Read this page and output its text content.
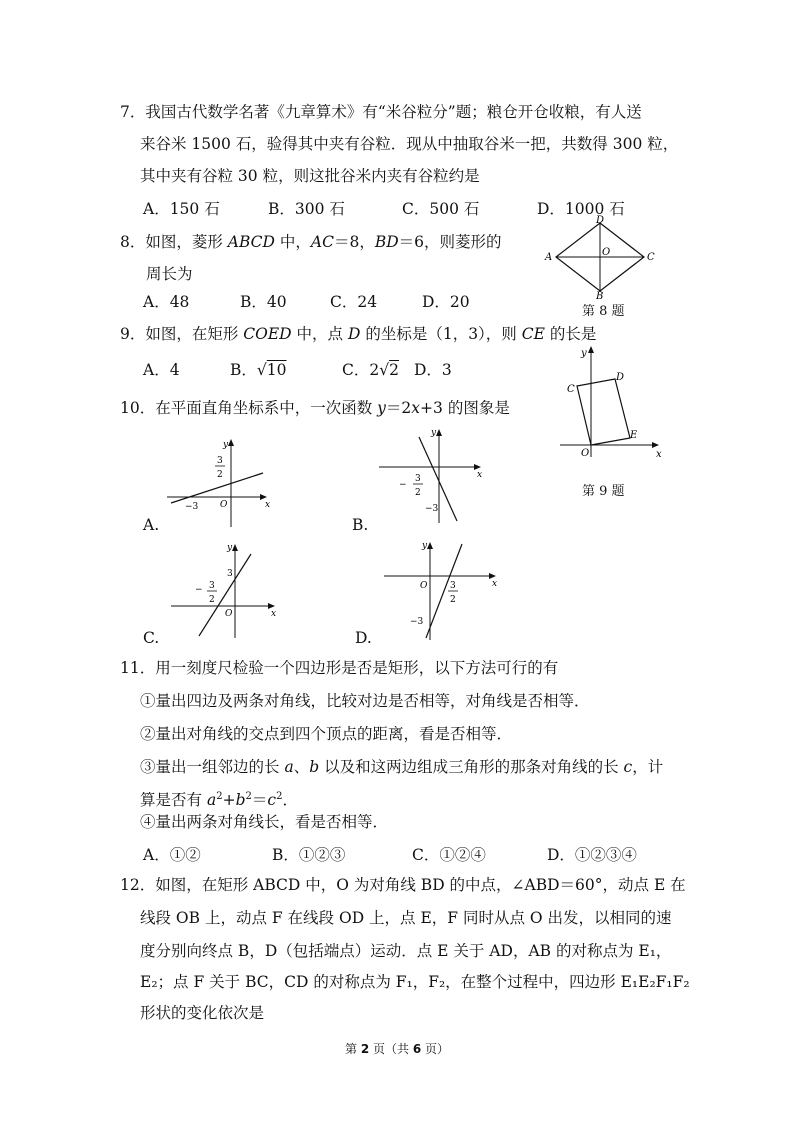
7．我国古代数学名著《九章算术》有“米谷粒分”题；粮仓开仓收粮，有人送
来谷米 1500 石，验得其中夹有谷粒．现从中抽取谷米一把，共数得 300 粒，
其中夹有谷粒 30 粒，则这批谷米内夹有谷粒约是
A．150 石	B．300 石	C．500 石	D．1000 石
8．如图，菱形 ABCD 中，AC＝8，BD＝6，则菱形的
周长为
A．48	B．40	C．24	D．20
D
A	O	C
B
第 8 题
9．如图，在矩形 COED 中，点 D 的坐标是（1，3），则 CE 的长是
A．4	B．√10	C．2√2 D．3
y
D
C
E
O	x
第 9 题
10．在平面直角坐标系中，一次函数 y＝2x+3 的图象是
y
x
O
3
2
−3
A.
y
x
−
3
2
−3
B.
y
x
O
3
− 3
2
C.
y
x
O	3
2
−3
D.
11．用一刻度尺检验一个四边形是否是矩形，以下方法可行的有
①量出四边及两条对角线，比较对边是否相等，对角线是否相等．
②量出对角线的交点到四个顶点的距离，看是否相等．
③量出一组邻边的长 a、b 以及和这两边组成三角形的那条对角线的长 c，计
算是否有 $a^2+b^2=c^2$．
④量出两条对角线长，看是否相等．
A．①②	B．①②③	C．①②④	D．①②③④
12．如图，在矩形 ABCD 中，O 为对角线 BD 的中点，∠ABD＝60°，动点 E 在
线段 OB 上，动点 F 在线段 OD 上，点 E，F 同时从点 O 出发，以相同的速
度分别向终点 B，D（包括端点）运动．点 E 关于 AD，AB 的对称点为 E₁，
E₂；点 F 关于 BC，CD 的对称点为 F₁，F₂，在整个过程中，四边形 E₁E₂F₁F₂
形状的变化依次是
第 2 页（共 6 页）
